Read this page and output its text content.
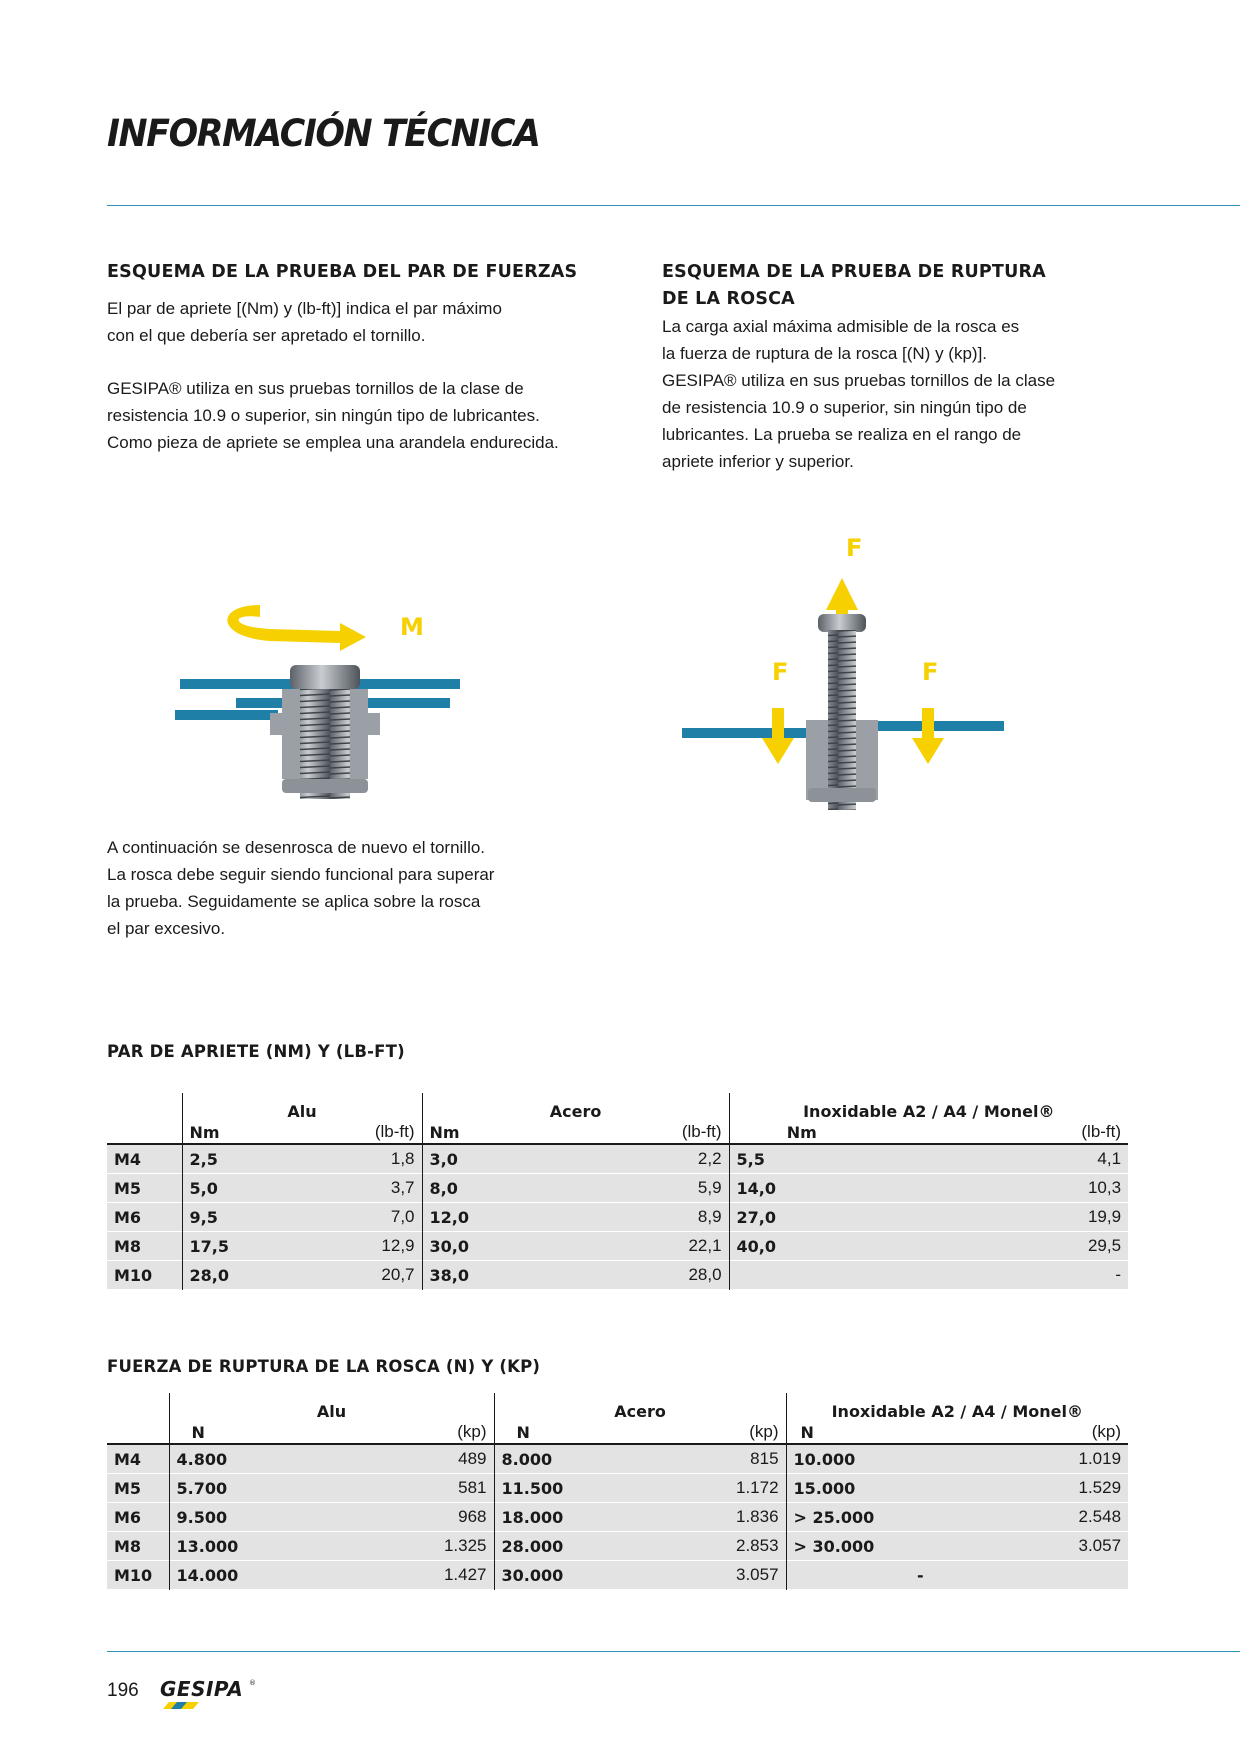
INFORMACIÓN TÉCNICA
ESQUEMA DE LA PRUEBA DEL PAR DE FUERZAS

El par de apriete [(Nm) y (lb-ft)] indica el par máximo
con el que debería ser apretado el tornillo.

GESIPA® utiliza en sus pruebas tornillos de la clase de
resistencia 10.9 o superior, sin ningún tipo de lubricantes.
Como pieza de apriete se emplea una arandela endurecida.

M

A continuación se desenrosca de nuevo el tornillo.
La rosca debe seguir siendo funcional para superar
la prueba. Seguidamente se aplica sobre la rosca
el par excesivo.

ESQUEMA DE LA PRUEBA DE RUPTURA
DE LA ROSCA

La carga axial máxima admisible de la rosca es
la fuerza de ruptura de la rosca [(N) y (kp)].
GESIPA® utiliza en sus pruebas tornillos de la clase
de resistencia 10.9 o superior, sin ningún tipo de
lubricantes. La prueba se realiza en el rango de
apriete inferior y superior.

F
F	F
PAR DE APRIETE (NM) Y (LB-FT)
	Alu		Acero		Inoxidable A2 / A4 / Monel®	
	Nm	(lb-ft)	Nm	(lb-ft)	Nm	(lb-ft)
M4	2,5	1,8	3,0	2,2	5,5	4,1
M5	5,0	3,7	8,0	5,9	14,0	10,3
M6	9,5	7,0	12,0	8,9	27,0	19,9
M8	17,5	12,9	30,0	22,1	40,0	29,5
M10	28,0	20,7	38,0	28,0		-
FUERZA DE RUPTURA DE LA ROSCA (N) Y (KP)
	Alu		Acero		Inoxidable A2 / A4 / Monel®	
	N	(kp)	N	(kp)	N	(kp)
M4	4.800	489	8.000	815	10.000	1.019
M5	5.700	581	11.500	1.172	15.000	1.529
M6	9.500	968	18.000	1.836	> 25.000	2.548
M8	13.000	1.325	28.000	2.853	> 30.000	3.057
M10	14.000	1.427	30.000	3.057	-	
196 GESIPA ®
